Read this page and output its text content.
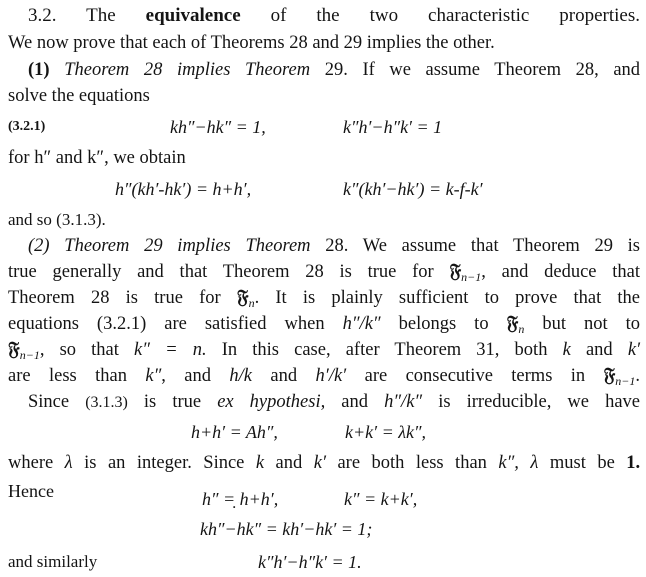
3.2. The equivalence of the two characteristic properties.
We now prove that each of Theorems 28 and 29 implies the other.
(1) Theorem 28 implies Theorem 29. If we assume Theorem 28, and
solve the equations
(3.2.1)	kh″−hk″ = 1,	k″h′−h″k′ = 1
for h″ and k″, we obtain
h″(kh′-hk′) = h+h′,	k″(kh′−hk′) = k-f-k′
and so (3.1.3).
(2) Theorem 29 implies Theorem 28. We assume that Theorem 29 is
true generally and that Theorem 28 is true for 𝔉$_{n-1}$, and deduce that
Theorem 28 is true for 𝔉$_n$. It is plainly sufficient to prove that the
equations (3.2.1) are satisfied when h″/k″ belongs to 𝔉$_n$ but not to
𝔉$_{n-1}$, so that k″ = n. In this case, after Theorem 31, both k and k′
are less than k″, and h/k and h′/k′ are consecutive terms in 𝔉$_{n-1}$.
Since (3.1.3) is true ex hypothesi, and h″/k″ is irreducible, we have
h+h′ = Ah″,	k+k′ = λk″,
where λ is an integer. Since k and k′ are both less than k″, λ must be 1.
Hence	h″ =̣ h+h′,	k″ = k+k′,
kh″−hk″ = kh′−hk′ = 1;
and similarly	k″h′−h″k′ = 1.
